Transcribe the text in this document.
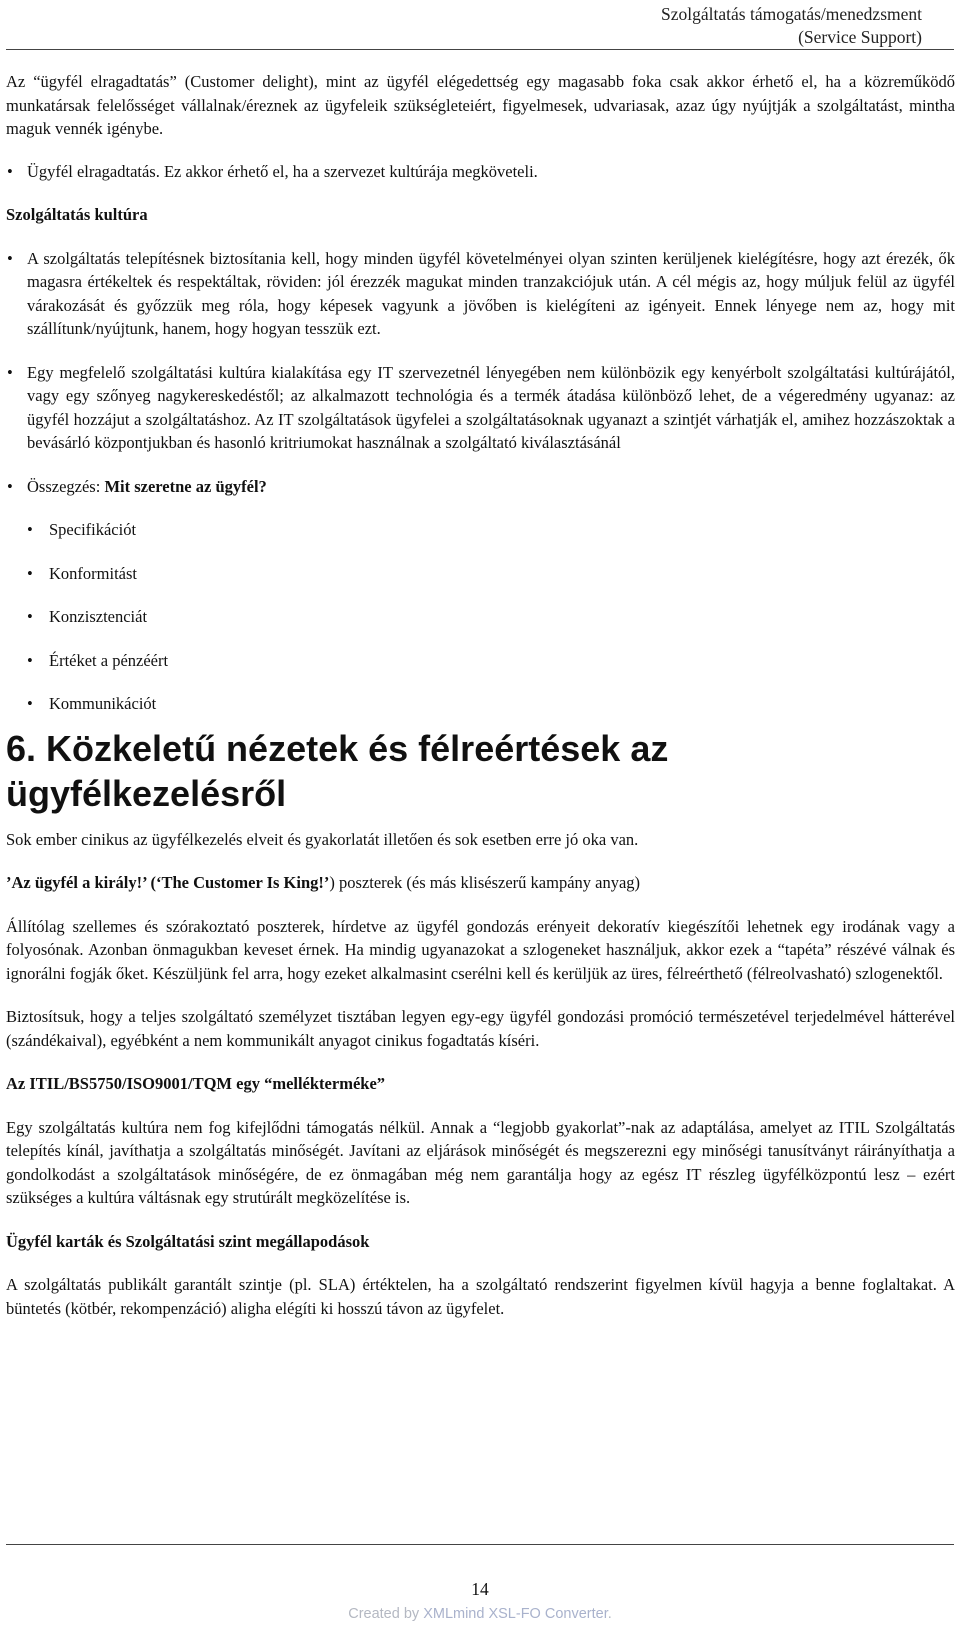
Szolgáltatás támogatás/menedzsment
(Service Support)

Az “ügyfél elragadtatás” (Customer delight), mint az ügyfél elégedettség egy magasabb foka csak akkor érhető el, ha a közreműködő munkatársak felelősséget vállalnak/éreznek az ügyfeleik szükségleteiért, figyelmesek, udvariasak, azaz úgy nyújtják a szolgáltatást, mintha maguk vennék igénybe.

• Ügyfél elragadtatás. Ez akkor érhető el, ha a szervezet kultúrája megköveteli.

Szolgáltatás kultúra

• A szolgáltatás telepítésnek biztosítania kell, hogy minden ügyfél követelményei olyan szinten kerüljenek kielégítésre, hogy azt érezék, ők magasra értékeltek és respektáltak, röviden: jól érezzék magukat minden tranzakciójuk után. A cél mégis az, hogy múljuk felül az ügyfél várakozását és győzzük meg róla, hogy képesek vagyunk a jövőben is kielégíteni az igényeit. Ennek lényege nem az, hogy mit szállítunk/nyújtunk, hanem, hogy hogyan tesszük ezt.
• Egy megfelelő szolgáltatási kultúra kialakítása egy IT szervezetnél lényegében nem különbözik egy kenyérbolt szolgáltatási kultúrájától, vagy egy szőnyeg nagykereskedéstől; az alkalmazott technológia és a termék átadása különböző lehet, de a végeredmény ugyanaz: az ügyfél hozzájut a szolgáltatáshoz. Az IT szolgáltatások ügyfelei a szolgáltatásoknak ugyanazt a szintjét várhatják el, amihez hozzászoktak a bevásárló központjukban és hasonló kritriumokat használnak a szolgáltató kiválasztásánál
• Összegzés: Mit szeretne az ügyfél?
• Specifikációt
• Konformitást
• Konzisztenciát
• Értéket a pénzéért
• Kommunikációt
6. Közkeletű nézetek és félreértések az
ügyfélkezelésről

Sok ember cinikus az ügyfélkezelés elveit és gyakorlatát illetően és sok esetben erre jó oka van.

’Az ügyfél a király!’ (‘The Customer Is King!’) poszterek (és más klisészerű kampány anyag)

Állítólag szellemes és szórakoztató poszterek, hírdetve az ügyfél gondozás erényeit dekoratív kiegészítői lehetnek egy irodának vagy a folyosónak. Azonban önmagukban keveset érnek. Ha mindig ugyanazokat a szlogeneket használjuk, akkor ezek a “tapéta” részévé válnak és ignorálni fogják őket. Készüljünk fel arra, hogy ezeket alkalmasint cserélni kell és kerüljük az üres, félreérthető (félreolvasható) szlogenektől.

Biztosítsuk, hogy a teljes szolgáltató személyzet tisztában legyen egy-egy ügyfél gondozási promóció természetével terjedelmével hátterével (szándékaival), egyébként a nem kommunikált anyagot cinikus fogadtatás kíséri.

Az ITIL/BS5750/ISO9001/TQM egy “mellékterméke”

Egy szolgáltatás kultúra nem fog kifejlődni támogatás nélkül. Annak a “legjobb gyakorlat”-nak az adaptálása, amelyet az ITIL Szolgáltatás telepítés kínál, javíthatja a szolgáltatás minőségét. Javítani az eljárások minőségét és megszerezni egy minőségi tanusítványt ráirányíthatja a gondolkodást a szolgáltatások minőségére, de ez önmagában még nem garantálja hogy az egész IT részleg ügyfélközpontú lesz – ezért szükséges a kultúra váltásnak egy strutúrált megközelítése is.

Ügyfél karták és Szolgáltatási szint megállapodások

A szolgáltatás publikált garantált szintje (pl. SLA) értéktelen, ha a szolgáltató rendszerint figyelmen kívül hagyja a benne foglaltakat. A büntetés (kötbér, rekompenzáció) aligha elégíti ki hosszú távon az ügyfelet.

14
Created by XMLmind XSL-FO Converter.
